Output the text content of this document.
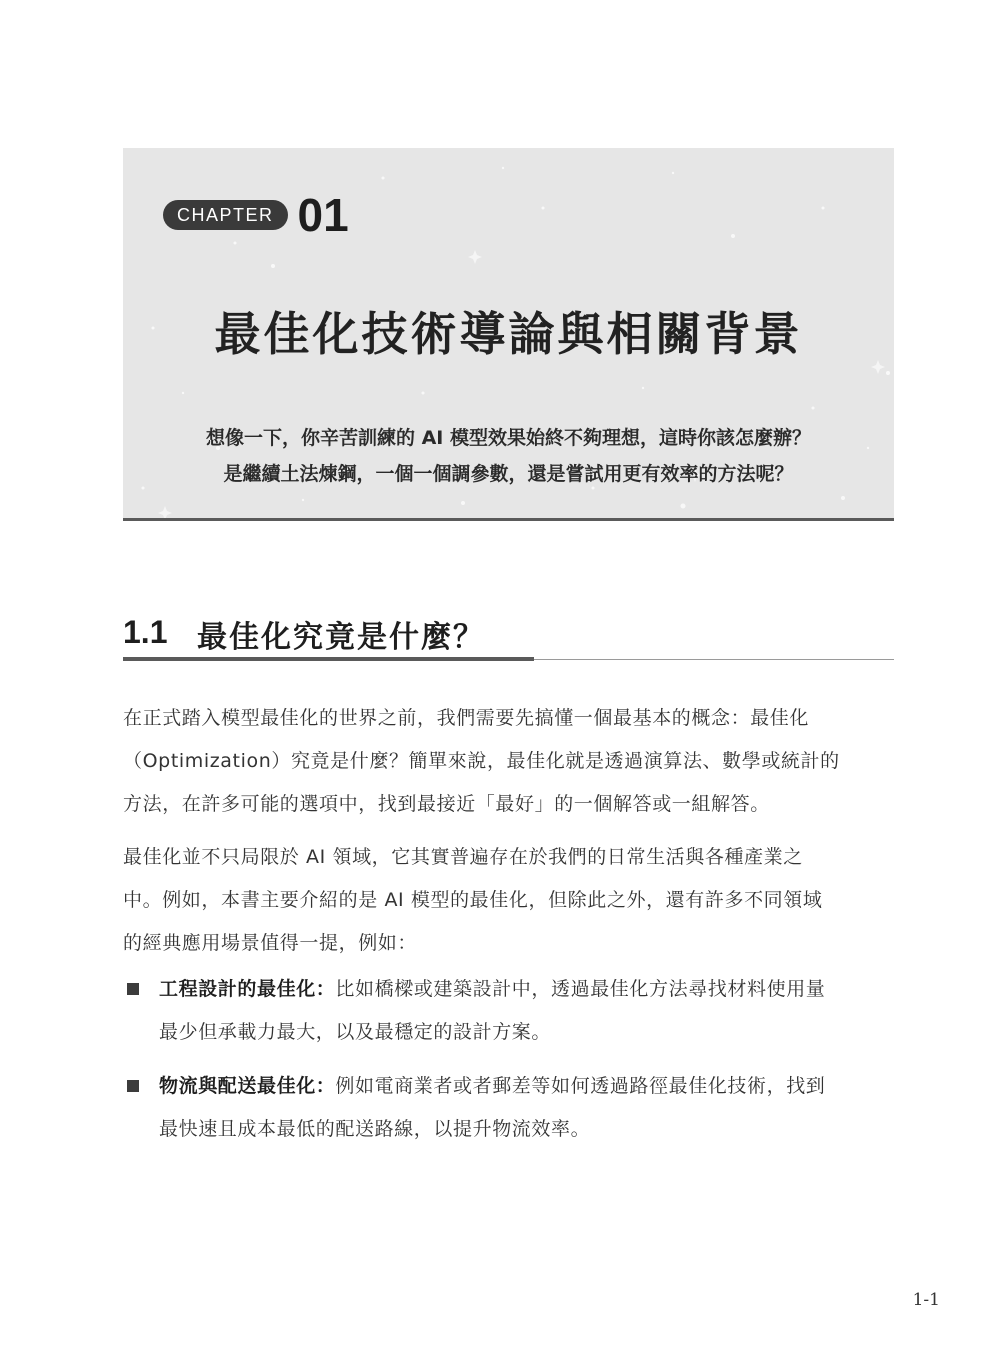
CHAPTER 01
最佳化技術導論與相關背景
想像一下，你辛苦訓練的 AI 模型效果始終不夠理想，這時你該怎麼辦？
是繼續土法煉鋼，一個一個調參數，還是嘗試用更有效率的方法呢？
1.1 最佳化究竟是什麼？
在正式踏入模型最佳化的世界之前，我們需要先搞懂一個最基本的概念：最佳化
（Optimization）究竟是什麼？簡單來說，最佳化就是透過演算法、數學或統計的
方法，在許多可能的選項中，找到最接近「最好」的一個解答或一組解答。
最佳化並不只局限於 AI 領域，它其實普遍存在於我們的日常生活與各種產業之
中。例如，本書主要介紹的是 AI 模型的最佳化，但除此之外，還有許多不同領域
的經典應用場景值得一提，例如：
工程設計的最佳化：比如橋樑或建築設計中，透過最佳化方法尋找材料使用量
最少但承載力最大，以及最穩定的設計方案。
物流與配送最佳化：例如電商業者或者郵差等如何透過路徑最佳化技術，找到
最快速且成本最低的配送路線，以提升物流效率。
1-1
